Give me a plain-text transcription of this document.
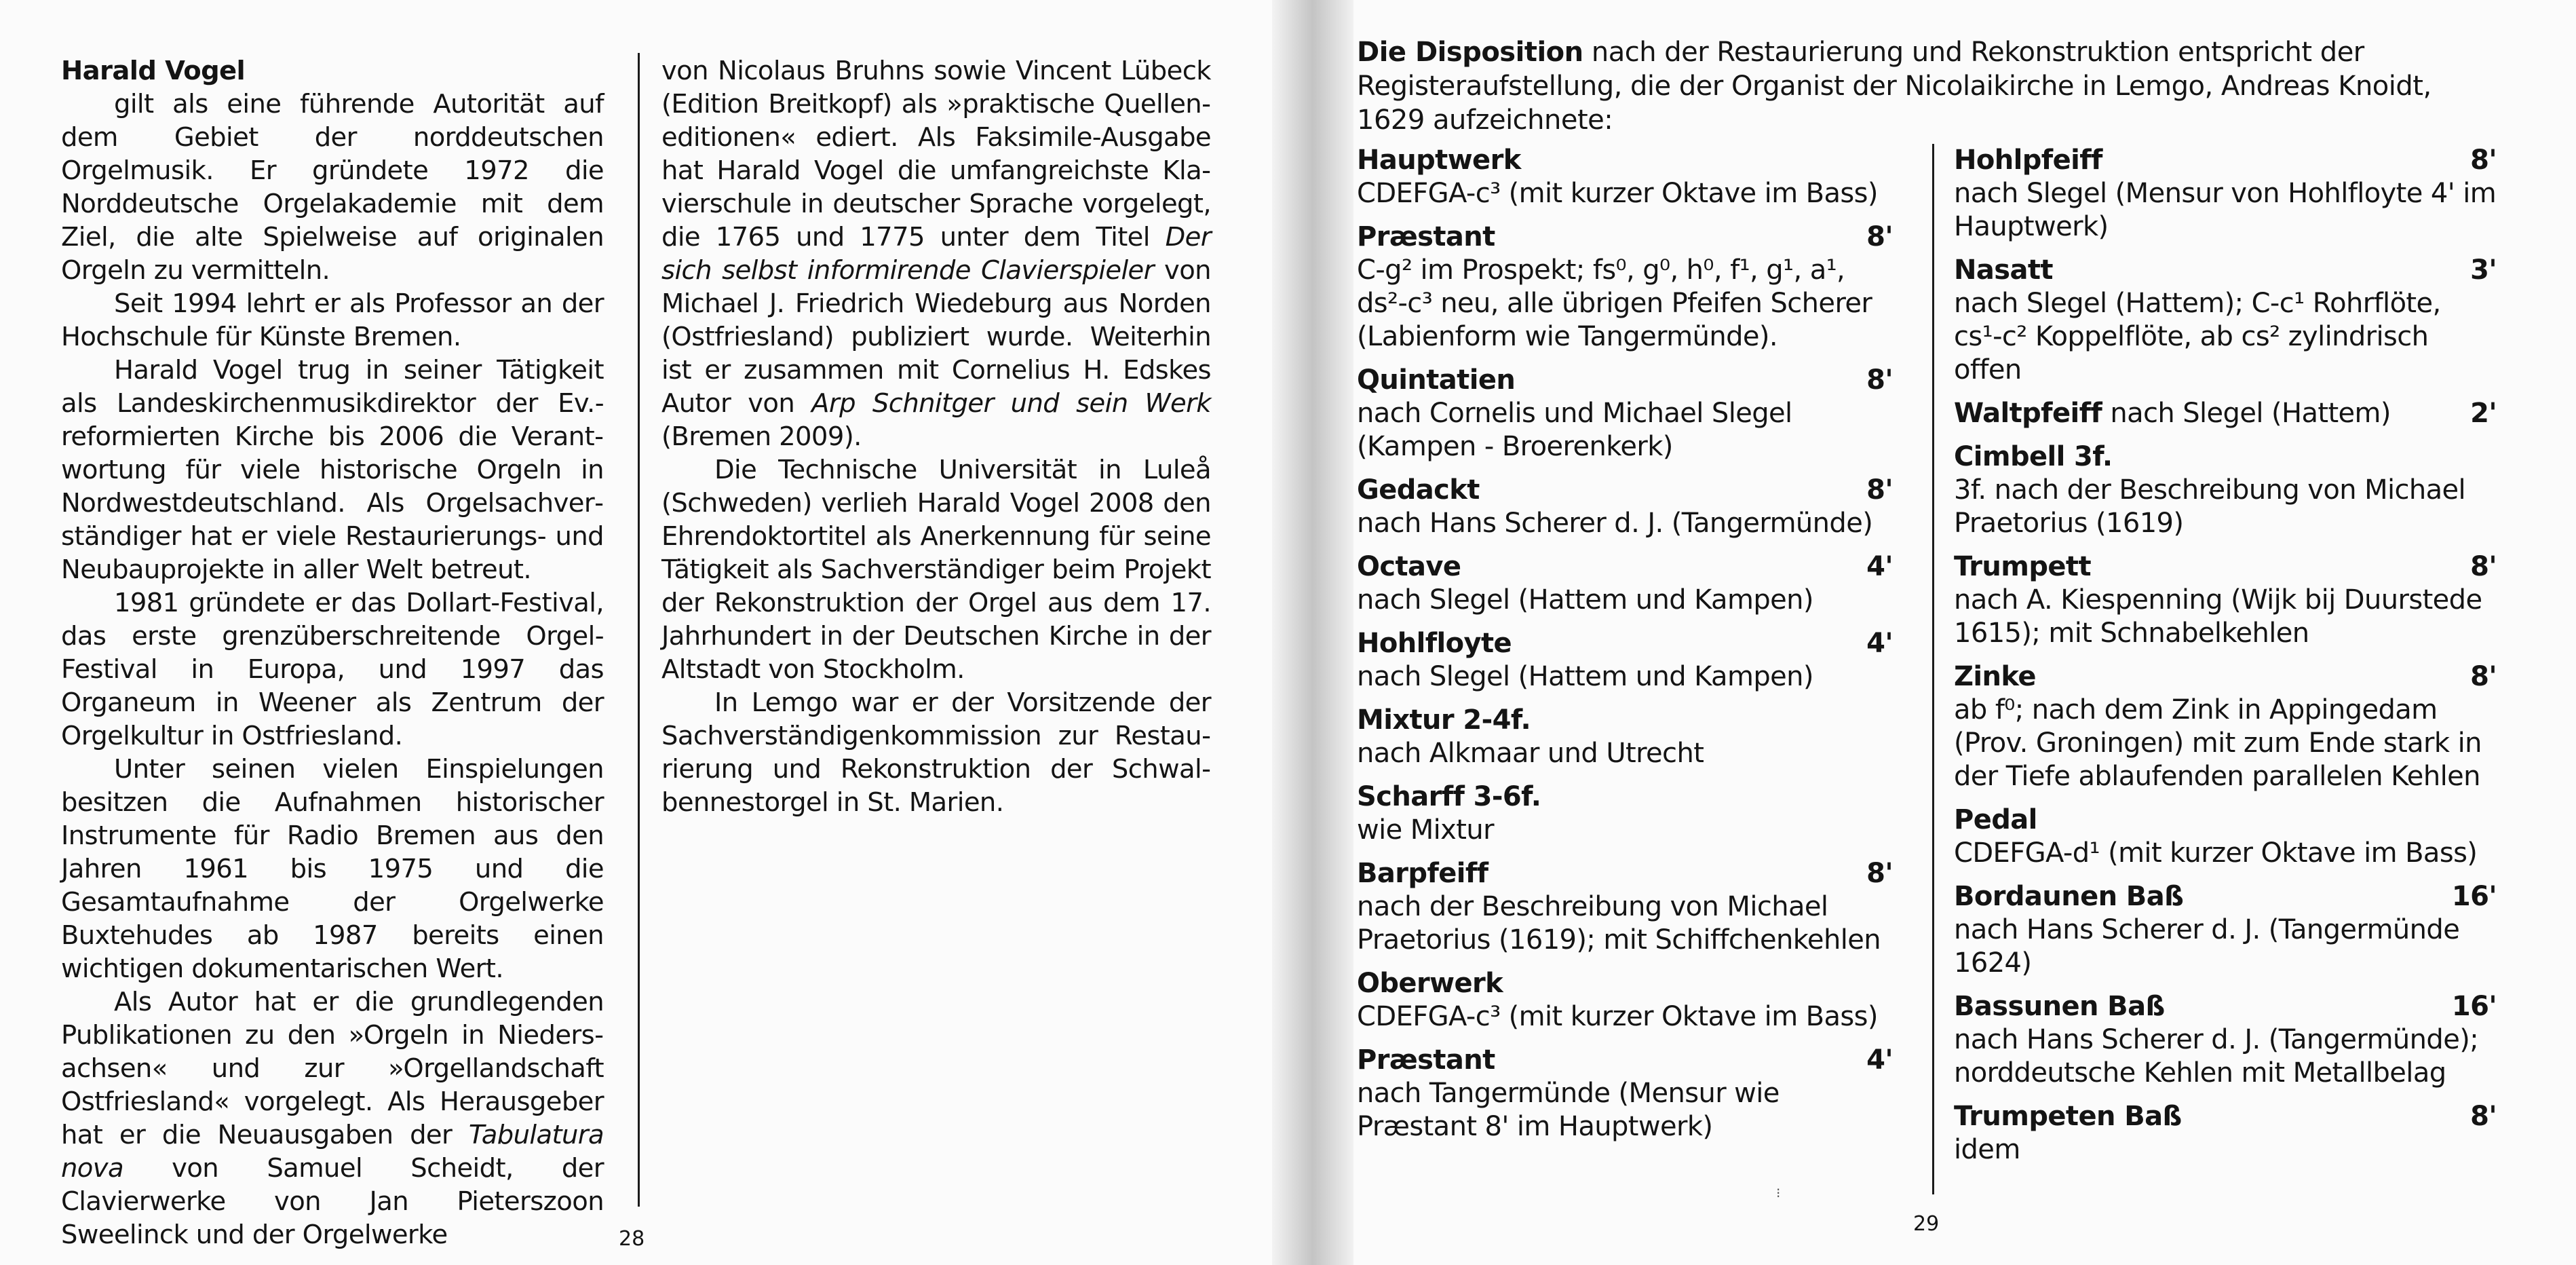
Harald Vogel

gilt als eine führende Autorität auf dem Gebiet der norddeutschen Orgelmusik. Er gründete 1972 die Norddeutsche Orgelakademie mit dem Ziel, die alte Spielweise auf originalen Orgeln zu vermitteln.

Seit 1994 lehrt er als Professor an der Hochschule für Künste Bremen.

Harald Vogel trug in seiner Tätigkeit als Landeskirchenmusikdirektor der Ev.-reformierten Kirche bis 2006 die Verantwortung für viele historische Orgeln in Nordwestdeutschland. Als Orgelsachverständiger hat er viele Restaurierungs- und Neubauprojekte in aller Welt betreut.

1981 gründete er das Dollart-Festival, das erste grenzüberschreitende Orgel-Festival in Europa, und 1997 das Organeum in Weener als Zentrum der Orgelkultur in Ostfriesland.

Unter seinen vielen Einspielungen besitzen die Aufnahmen historischer Instrumente für Radio Bremen aus den Jahren 1961 bis 1975 und die Gesamtaufnahme der Orgelwerke Buxtehudes ab 1987 bereits einen wichtigen dokumentarischen Wert.

Als Autor hat er die grundlegenden Publikationen zu den »Orgeln in Niedersachsen« und zur »Orgellandschaft Ostfriesland« vorgelegt. Als Herausgeber hat er die Neuausgaben der Tabulatura nova von Samuel Scheidt, der Clavierwerke von Jan Pieterszoon Sweelinck und der Orgelwerke

von Nicolaus Bruhns sowie Vincent Lübeck (Edition Breitkopf) als »praktische Quelleneditionen« ediert. Als Faksimile-Ausgabe hat Harald Vogel die umfangreichste Klavierschule in deutscher Sprache vorgelegt, die 1765 und 1775 unter dem Titel Der sich selbst informirende Clavierspieler von Michael J. Friedrich Wiedeburg aus Norden (Ostfriesland) publiziert wurde. Weiterhin ist er zusammen mit Cornelius H. Edskes Autor von Arp Schnitger und sein Werk (Bremen 2009).

Die Technische Universität in Luleå (Schweden) verlieh Harald Vogel 2008 den Ehrendoktortitel als Anerkennung für seine Tätigkeit als Sachverständiger beim Projekt der Rekonstruktion der Orgel aus dem 17. Jahrhundert in der Deutschen Kirche in der Altstadt von Stockholm.

In Lemgo war er der Vorsitzende der Sachverständigenkommission zur Restaurierung und Rekonstruktion der Schwalbennestorgel in St. Marien.

28
Die Disposition nach der Restaurierung und Rekonstruktion entspricht der Registeraufstellung, die der Organist der Nicolaikirche in Lemgo, Andreas Knoidt, 1629 aufzeichnete:
Hauptwerk
CDEFGA-c³ (mit kurzer Oktave im Bass)
Præstant	8'
C-g² im Prospekt; fs⁰, g⁰, h⁰, f¹, g¹, a¹, ds²-c³ neu, alle übrigen Pfeifen Scherer (Labienform wie Tangermünde).
Quintatien	8'
nach Cornelis und Michael Slegel (Kampen - Broerenkerk)
Gedackt	8'
nach Hans Scherer d. J. (Tangermünde)
Octave	4'
nach Slegel (Hattem und Kampen)
Hohlfloyte	4'
nach Slegel (Hattem und Kampen)
Mixtur 2-4f.
nach Alkmaar und Utrecht
Scharff 3-6f.
wie Mixtur
Barpfeiff	8'
nach der Beschreibung von Michael Praetorius (1619); mit Schiffchenkehlen
Oberwerk
CDEFGA-c³ (mit kurzer Oktave im Bass)
Præstant	4'
nach Tangermünde (Mensur wie Præstant 8' im Hauptwerk)
Hohlpfeiff	8'
nach Slegel (Mensur von Hohlfloyte 4' im Hauptwerk)
Nasatt	3'
nach Slegel (Hattem); C-c¹ Rohrflöte, cs¹-c² Koppelflöte, ab cs² zylindrisch offen
Waltpfeiff nach Slegel (Hattem)	2'
Cimbell 3f.
3f. nach der Beschreibung von Michael Praetorius (1619)
Trumpett	8'
nach A. Kiespenning (Wijk bij Duurstede 1615); mit Schnabelkehlen
Zinke	8'
ab f⁰; nach dem Zink in Appingedam (Prov. Groningen) mit zum Ende stark in der Tiefe ablaufenden parallelen Kehlen
Pedal
CDEFGA-d¹ (mit kurzer Oktave im Bass)
Bordaunen Baß	16'
nach Hans Scherer d. J. (Tangermünde 1624)
Bassunen Baß	16'
nach Hans Scherer d. J. (Tangermünde); norddeutsche Kehlen mit Metallbelag
Trumpeten Baß	8'
idem
⁝
29
